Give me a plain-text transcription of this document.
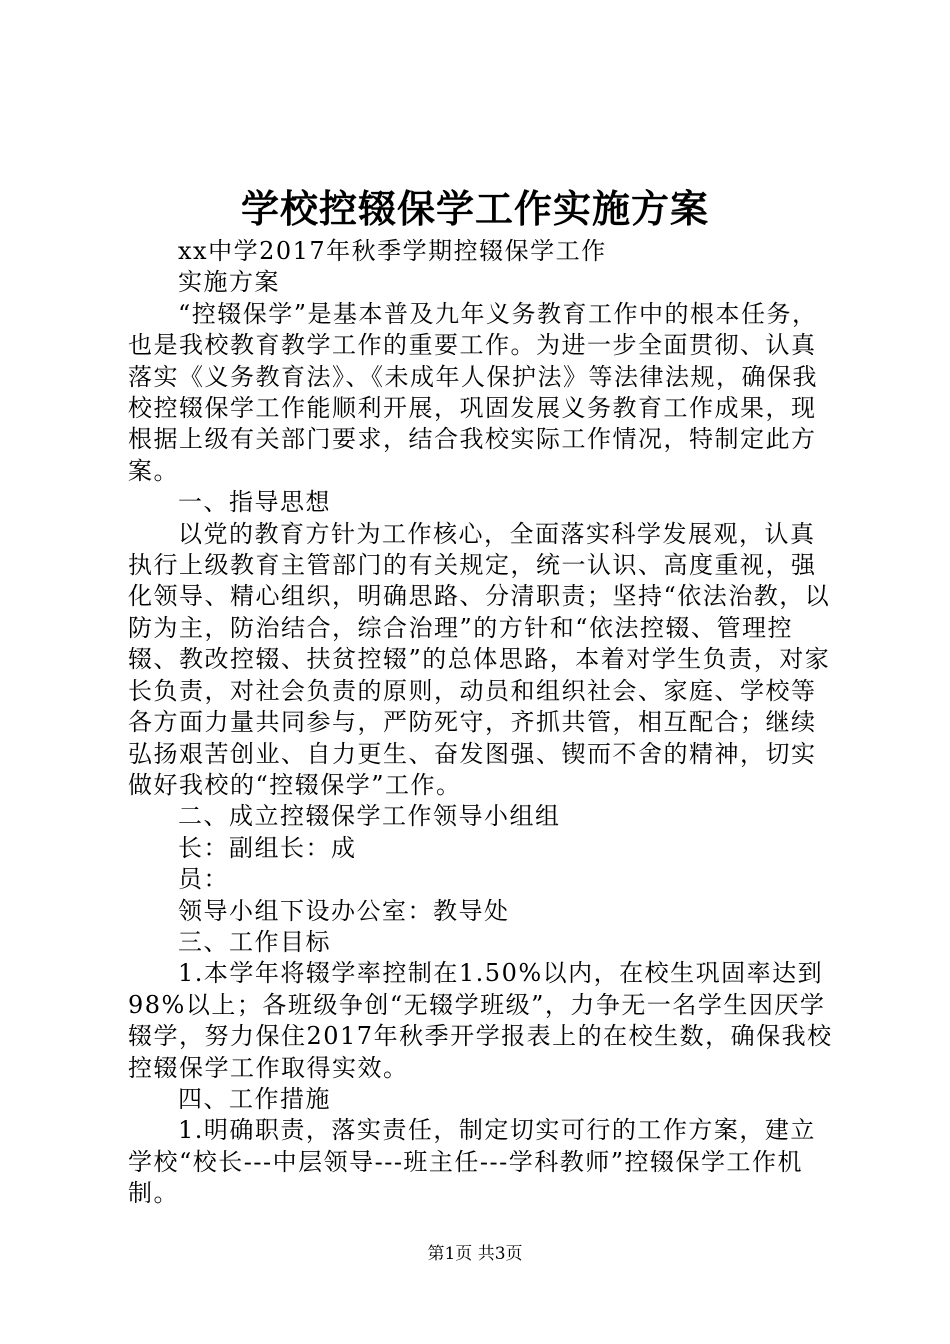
学校控辍保学工作实施方案

xx中学2017年秋季学期控辍保学工作

实施方案

“控辍保学”是基本普及九年义务教育工作中的根本任务，也是我校教育教学工作的重要工作。为进一步全面贯彻、认真落实《义务教育法》、《未成年人保护法》等法律法规，确保我校控辍保学工作能顺利开展，巩固发展义务教育工作成果，现根据上级有关部门要求，结合我校实际工作情况，特制定此方案。

一、指导思想

以党的教育方针为工作核心，全面落实科学发展观，认真执行上级教育主管部门的有关规定，统一认识、高度重视，强化领导、精心组织，明确思路、分清职责；坚持“依法治教，以防为主，防治结合，综合治理”的方针和“依法控辍、管理控辍、教改控辍、扶贫控辍”的总体思路，本着对学生负责，对家长负责，对社会负责的原则，动员和组织社会、家庭、学校等各方面力量共同参与，严防死守，齐抓共管，相互配合；继续弘扬艰苦创业、自力更生、奋发图强、锲而不舍的精神，切实做好我校的“控辍保学”工作。

二、成立控辍保学工作领导小组组

长：副组长：成

员：

领导小组下设办公室：教导处

三、工作目标

1.本学年将辍学率控制在1.50%以内，在校生巩固率达到98%以上；各班级争创“无辍学班级”，力争无一名学生因厌学辍学，努力保住2017年秋季开学报表上的在校生数，确保我校控辍保学工作取得实效。

四、工作措施

1.明确职责，落实责任，制定切实可行的工作方案，建立学校“校长---中层领导---班主任---学科教师”控辍保学工作机制。

第1页 共3页
